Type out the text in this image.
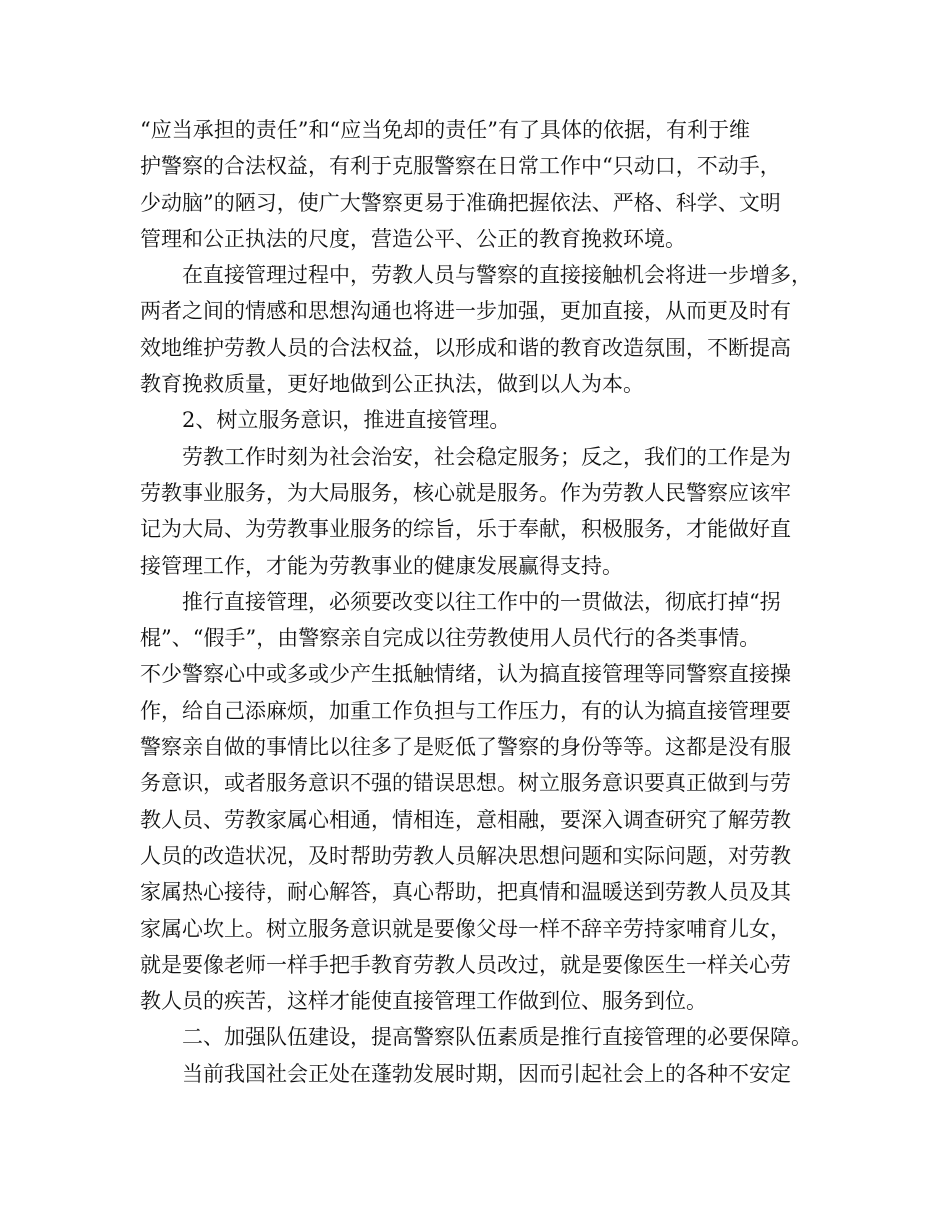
“应当承担的责任”和“应当免却的责任”有了具体的依据，有利于维
护警察的合法权益，有利于克服警察在日常工作中“只动口，不动手，
少动脑”的陋习，使广大警察更易于准确把握依法、严格、科学、文明
管理和公正执法的尺度，营造公平、公正的教育挽救环境。
在直接管理过程中，劳教人员与警察的直接接触机会将进一步增多，
两者之间的情感和思想沟通也将进一步加强，更加直接，从而更及时有
效地维护劳教人员的合法权益，以形成和谐的教育改造氛围，不断提高
教育挽救质量，更好地做到公正执法，做到以人为本。
2、树立服务意识，推进直接管理。
劳教工作时刻为社会治安，社会稳定服务；反之，我们的工作是为
劳教事业服务，为大局服务，核心就是服务。作为劳教人民警察应该牢
记为大局、为劳教事业服务的综旨，乐于奉献，积极服务，才能做好直
接管理工作，才能为劳教事业的健康发展赢得支持。
推行直接管理，必须要改变以往工作中的一贯做法，彻底打掉“拐
棍”、“假手”，由警察亲自完成以往劳教使用人员代行的各类事情。
不少警察心中或多或少产生抵触情绪，认为搞直接管理等同警察直接操
作，给自己添麻烦，加重工作负担与工作压力，有的认为搞直接管理要
警察亲自做的事情比以往多了是贬低了警察的身份等等。这都是没有服
务意识，或者服务意识不强的错误思想。树立服务意识要真正做到与劳
教人员、劳教家属心相通，情相连，意相融，要深入调查研究了解劳教
人员的改造状况，及时帮助劳教人员解决思想问题和实际问题，对劳教
家属热心接待，耐心解答，真心帮助，把真情和温暖送到劳教人员及其
家属心坎上。树立服务意识就是要像父母一样不辞辛劳持家哺育儿女，
就是要像老师一样手把手教育劳教人员改过，就是要像医生一样关心劳
教人员的疾苦，这样才能使直接管理工作做到位、服务到位。
二、加强队伍建设，提高警察队伍素质是推行直接管理的必要保障。
当前我国社会正处在蓬勃发展时期，因而引起社会上的各种不安定
